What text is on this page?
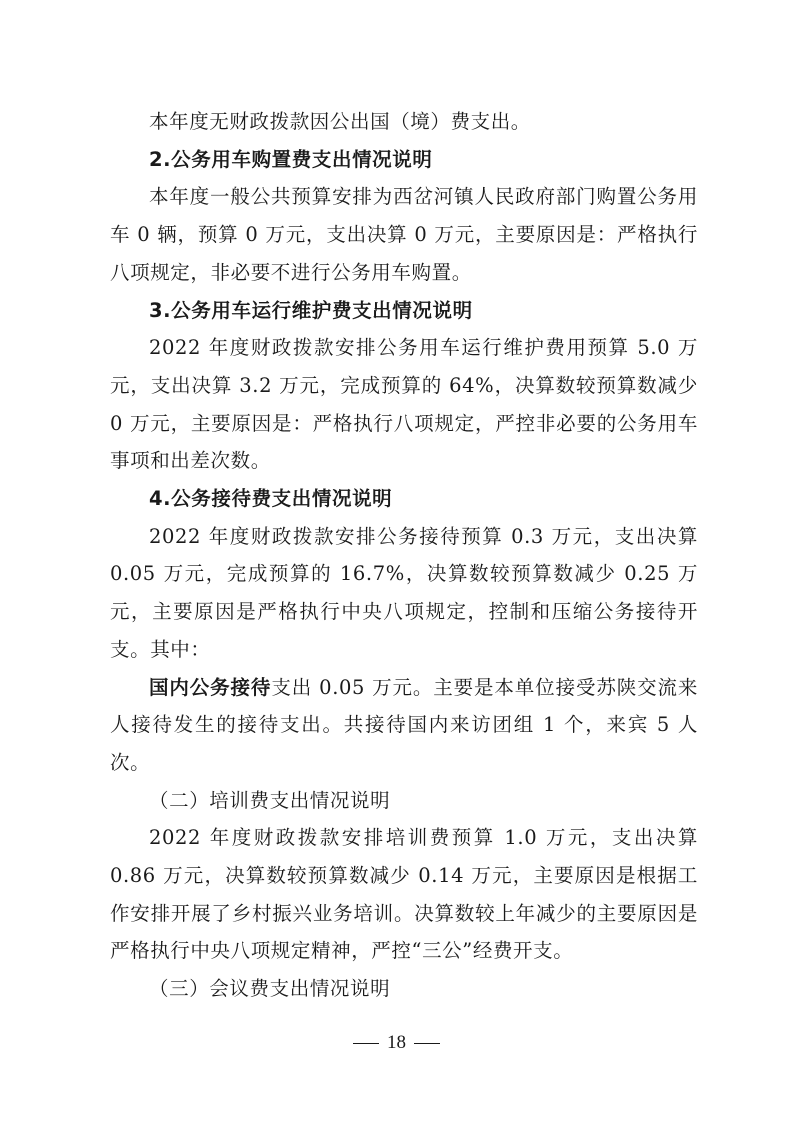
本年度无财政拨款因公出国（境）费支出。

2.公务用车购置费支出情况说明

本年度一般公共预算安排为西岔河镇人民政府部门购置公务用车 0 辆，预算 0 万元，支出决算 0 万元，主要原因是：严格执行八项规定，非必要不进行公务用车购置。

3.公务用车运行维护费支出情况说明

2022 年度财政拨款安排公务用车运行维护费用预算 5.0 万元，支出决算 3.2 万元，完成预算的 64%，决算数较预算数减少 0 万元，主要原因是：严格执行八项规定，严控非必要的公务用车事项和出差次数。

4.公务接待费支出情况说明

2022 年度财政拨款安排公务接待预算 0.3 万元，支出决算 0.05 万元，完成预算的 16.7%，决算数较预算数减少 0.25 万元，主要原因是严格执行中央八项规定，控制和压缩公务接待开支。其中：

国内公务接待支出 0.05 万元。主要是本单位接受苏陕交流来人接待发生的接待支出。共接待国内来访团组 1 个，来宾 5 人次。

（二）培训费支出情况说明

2022 年度财政拨款安排培训费预算 1.0 万元，支出决算 0.86 万元，决算数较预算数减少 0.14 万元，主要原因是根据工作安排开展了乡村振兴业务培训。决算数较上年减少的主要原因是严格执行中央八项规定精神，严控“三公”经费开支。

（三）会议费支出情况说明

18
